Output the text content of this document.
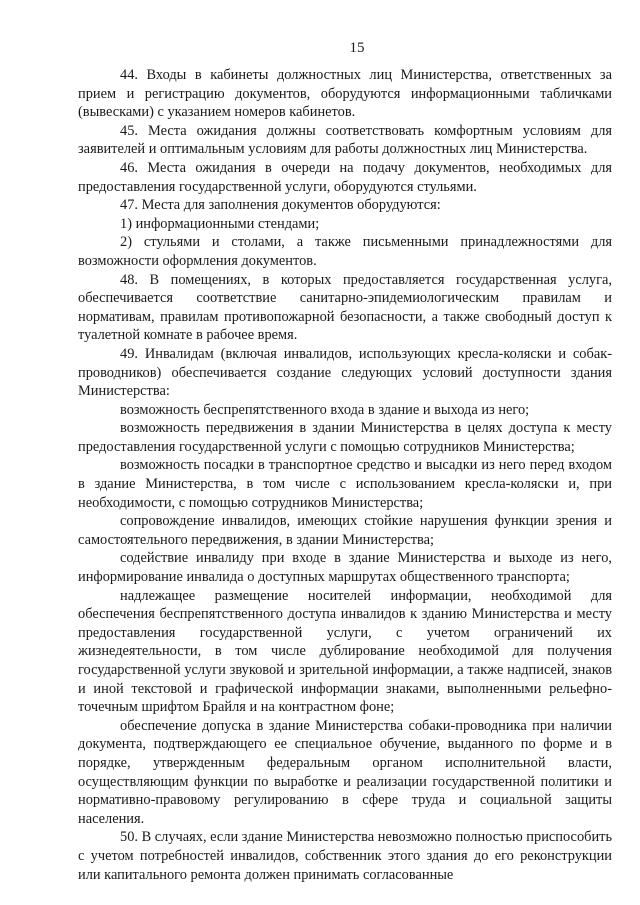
15

44. Входы в кабинеты должностных лиц Министерства, ответственных за прием и регистрацию документов, оборудуются информационными табличками (вывесками) с указанием номеров кабинетов.

45. Места ожидания должны соответствовать комфортным условиям для заявителей и оптимальным условиям для работы должностных лиц Министерства.

46. Места ожидания в очереди на подачу документов, необходимых для предоставления государственной услуги, оборудуются стульями.

47. Места для заполнения документов оборудуются:

1) информационными стендами;

2) стульями и столами, а также письменными принадлежностями для возможности оформления документов.

48. В помещениях, в которых предоставляется государственная услуга, обеспечивается соответствие санитарно-эпидемиологическим правилам и нормативам, правилам противопожарной безопасности, а также свободный доступ к туалетной комнате в рабочее время.

49. Инвалидам (включая инвалидов, использующих кресла-коляски и собак-проводников) обеспечивается создание следующих условий доступности здания Министерства:

возможность беспрепятственного входа в здание и выхода из него;

возможность передвижения в здании Министерства в целях доступа к месту предоставления государственной услуги с помощью сотрудников Министерства;

возможность посадки в транспортное средство и высадки из него перед входом в здание Министерства, в том числе с использованием кресла-коляски и, при необходимости, с помощью сотрудников Министерства;

сопровождение инвалидов, имеющих стойкие нарушения функции зрения и самостоятельного передвижения, в здании Министерства;

содействие инвалиду при входе в здание Министерства и выходе из него, информирование инвалида о доступных маршрутах общественного транспорта;

надлежащее размещение носителей информации, необходимой для обеспечения беспрепятственного доступа инвалидов к зданию Министерства и месту предоставления государственной услуги, с учетом ограничений их жизнедеятельности, в том числе дублирование необходимой для получения государственной услуги звуковой и зрительной информации, а также надписей, знаков и иной текстовой и графической информации знаками, выполненными рельефно-точечным шрифтом Брайля и на контрастном фоне;

обеспечение допуска в здание Министерства собаки-проводника при наличии документа, подтверждающего ее специальное обучение, выданного по форме и в порядке, утвержденным федеральным органом исполнительной власти, осуществляющим функции по выработке и реализации государственной политики и нормативно-правовому регулированию в сфере труда и социальной защиты населения.

50. В случаях, если здание Министерства невозможно полностью приспособить с учетом потребностей инвалидов, собственник этого здания до его реконструкции или капитального ремонта должен принимать согласованные
